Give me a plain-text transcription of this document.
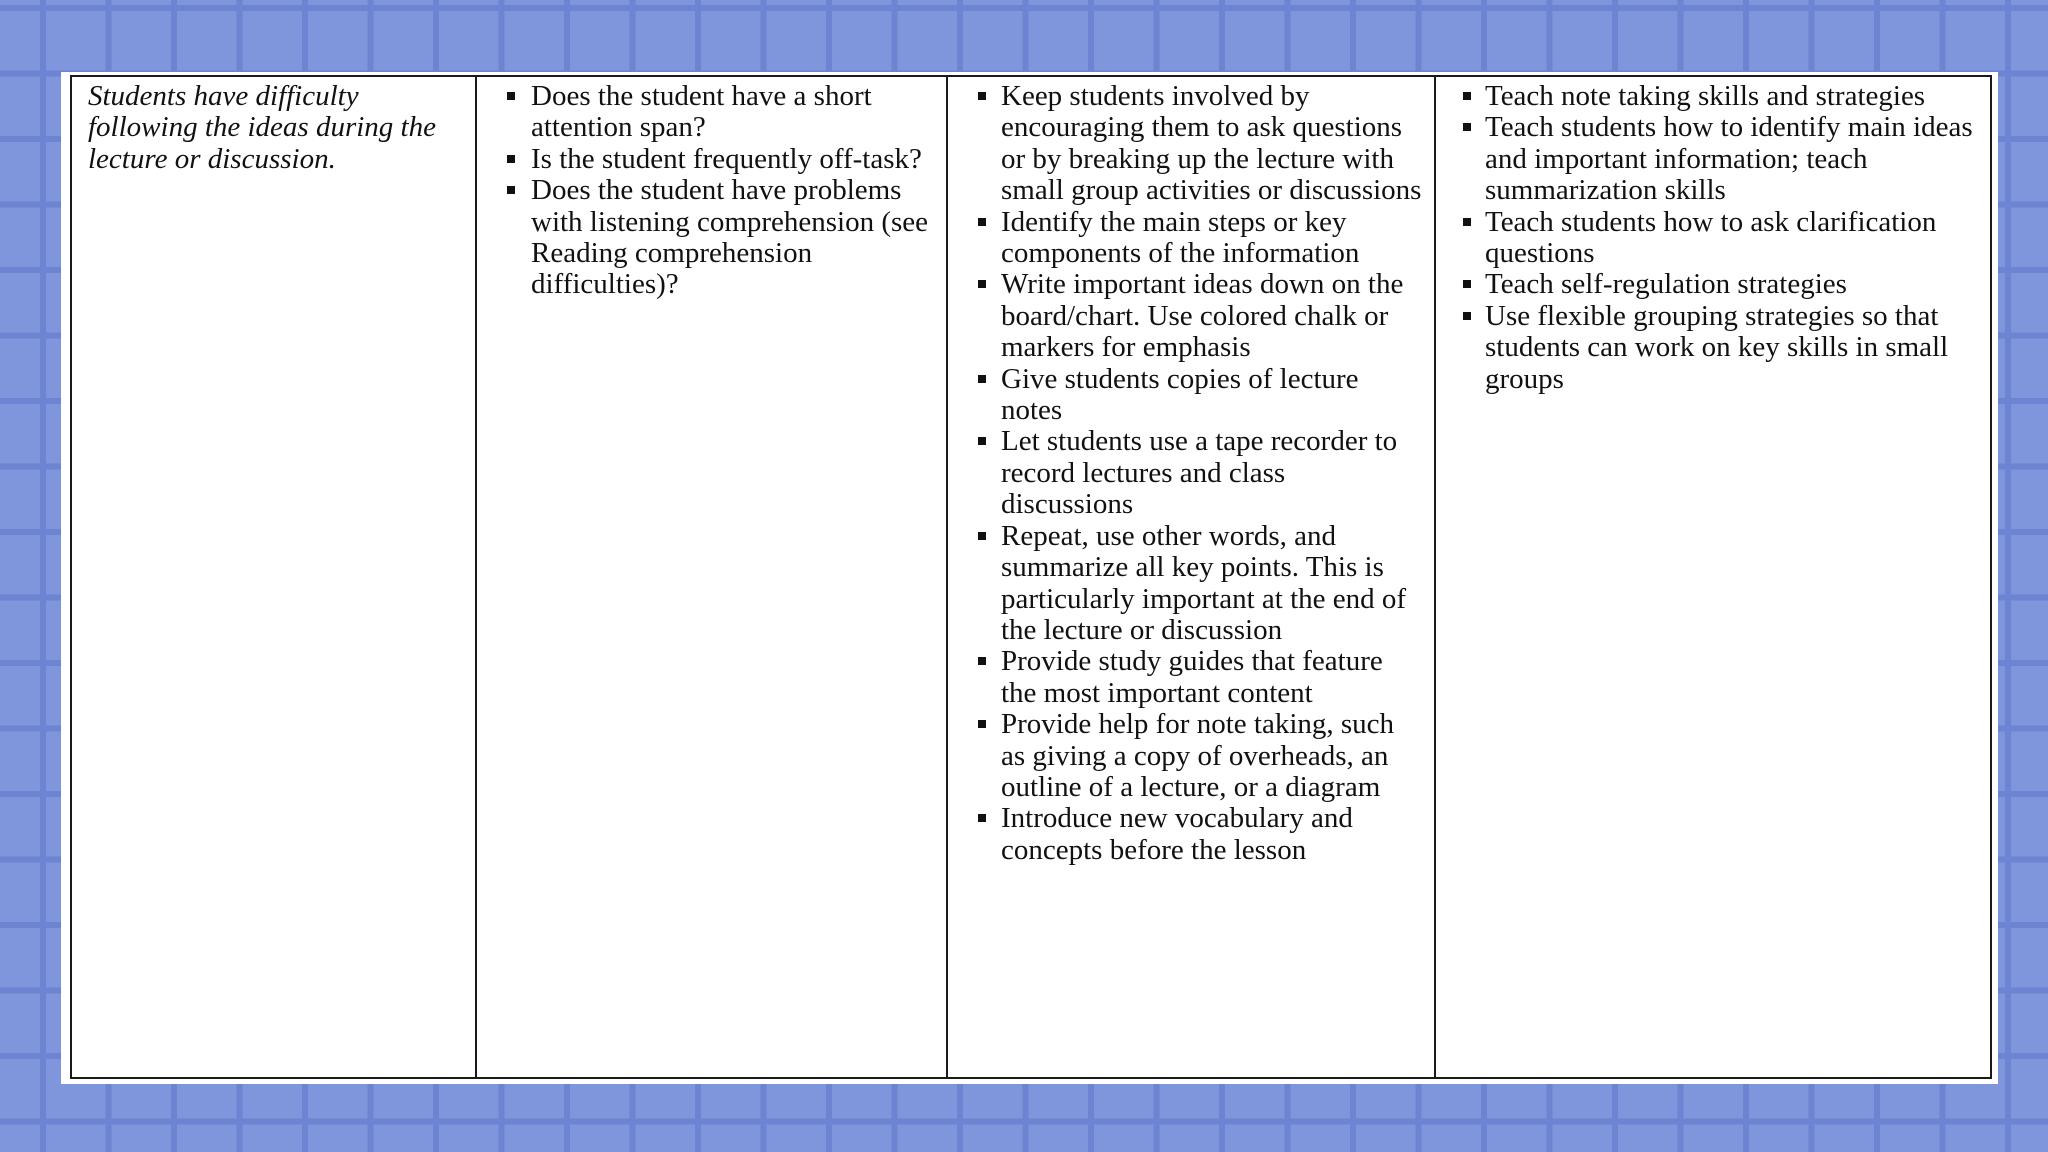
Students have difficulty following the ideas during the lecture or discussion.

Does the student have a short attention span?
Is the student frequently off-task?
Does the student have problems with listening comprehension (see Reading comprehension difficulties)?

Keep students involved by encouraging them to ask questions or by breaking up the lecture with small group activities or discussions
Identify the main steps or key components of the information
Write important ideas down on the board/chart. Use colored chalk or markers for emphasis
Give students copies of lecture notes
Let students use a tape recorder to record lectures and class discussions
Repeat, use other words, and summarize all key points. This is particularly important at the end of the lecture or discussion
Provide study guides that feature the most important content
Provide help for note taking, such as giving a copy of overheads, an outline of a lecture, or a diagram
Introduce new vocabulary and concepts before the lesson

Teach note taking skills and strategies
Teach students how to identify main ideas and important information; teach summarization skills
Teach students how to ask clarification questions
Teach self-regulation strategies
Use flexible grouping strategies so that students can work on key skills in small groups
